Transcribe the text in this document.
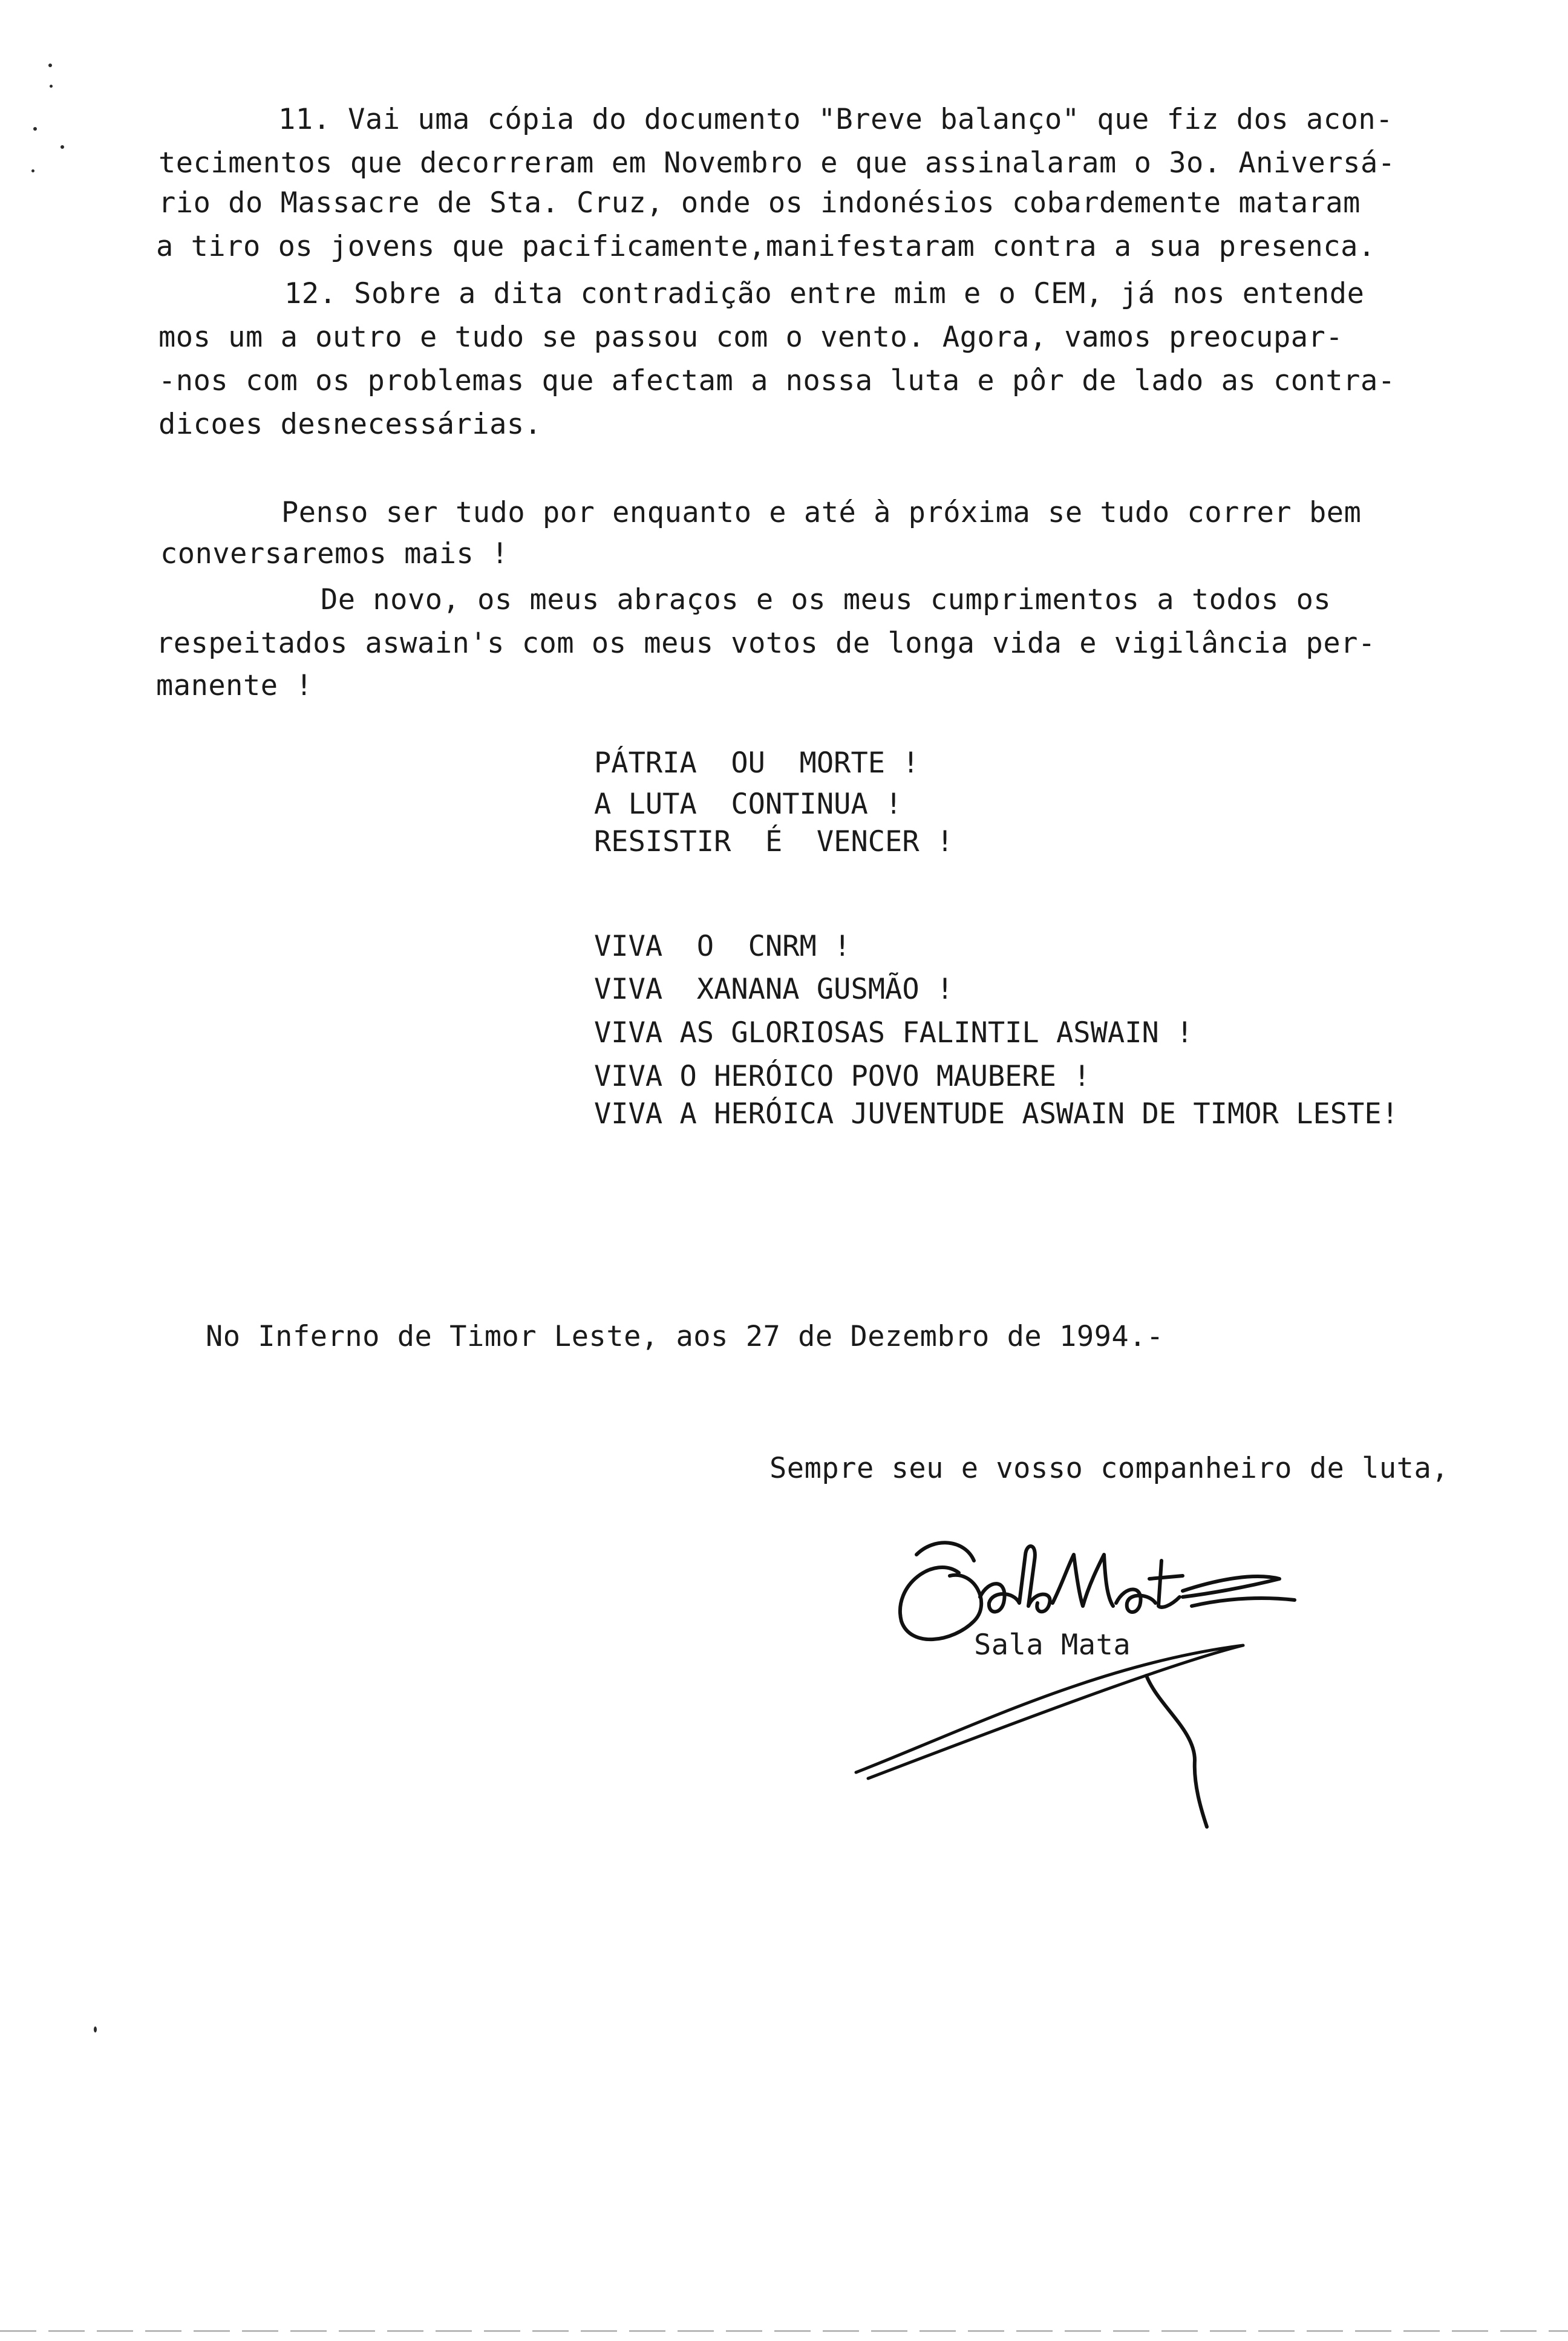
11. Vai uma cópia do documento "Breve balanço" que fiz dos acon-
tecimentos que decorreram em Novembro e que assinalaram o 3o. Aniversá-
rio do Massacre de Sta. Cruz, onde os indonésios cobardemente mataram
a tiro os jovens que pacificamente,manifestaram contra a sua presenca.
12. Sobre a dita contradição entre mim e o CEM, já nos entende
mos um a outro e tudo se passou com o vento. Agora, vamos preocupar-
-nos com os problemas que afectam a nossa luta e pôr de lado as contra-
dicoes desnecessárias.
Penso ser tudo por enquanto e até à próxima se tudo correr bem
conversaremos mais !
De novo, os meus abraços e os meus cumprimentos a todos os
respeitados aswain's com os meus votos de longa vida e vigilância per-
manente !
PÁTRIA  OU  MORTE !
A LUTA  CONTINUA !
RESISTIR  É  VENCER !
VIVA  O  CNRM !
VIVA  XANANA GUSMÃO !
VIVA AS GLORIOSAS FALINTIL ASWAIN !
VIVA O HERÓICO POVO MAUBERE !
VIVA A HERÓICA JUVENTUDE ASWAIN DE TIMOR LESTE!
No Inferno de Timor Leste, aos 27 de Dezembro de 1994.-
Sempre seu e vosso companheiro de luta,
Sala Mata
